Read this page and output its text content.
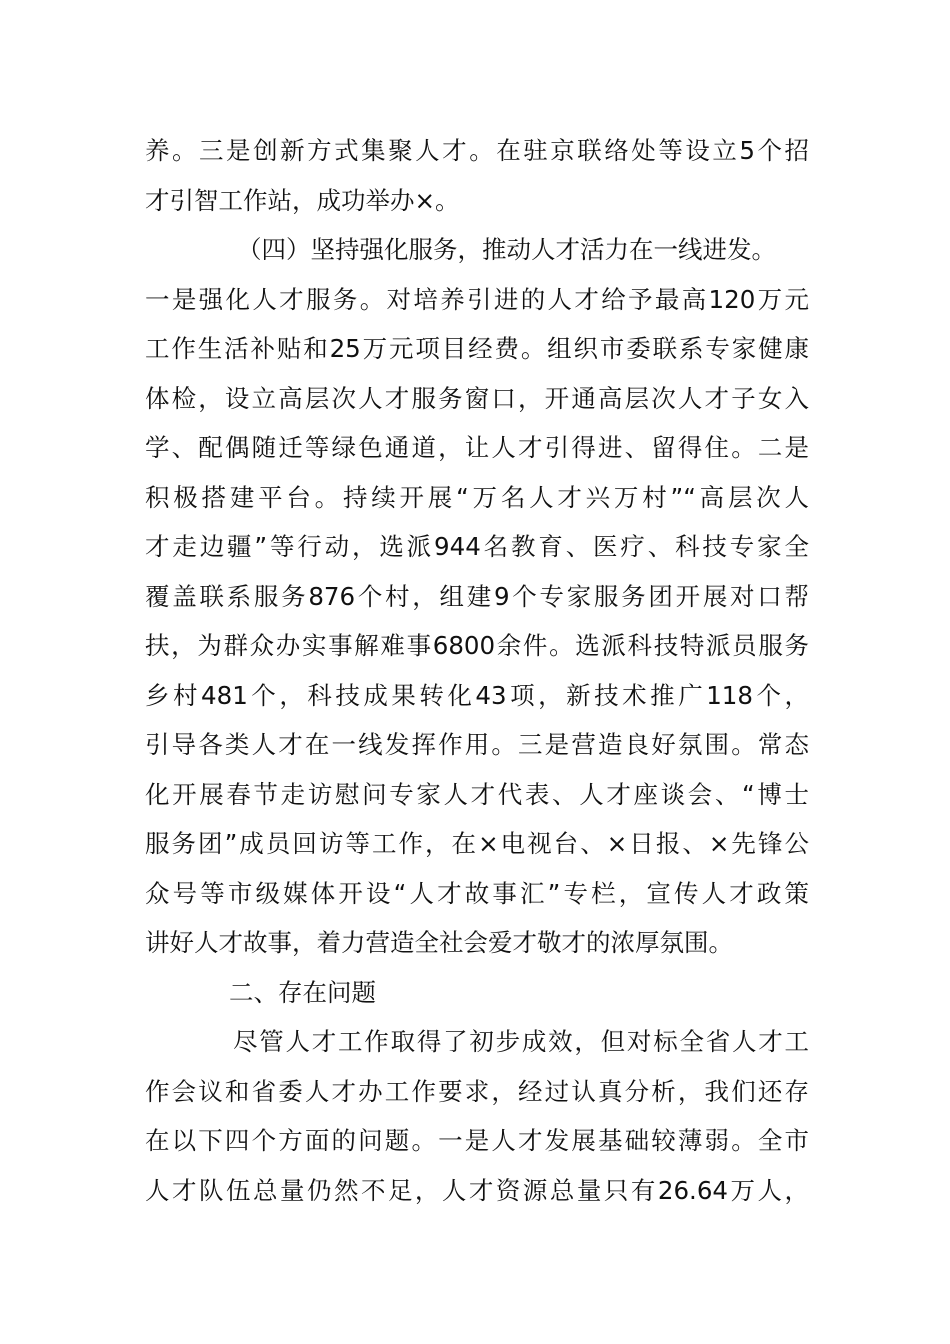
养。三是创新方式集聚人才。在驻京联络处等设立5个招
才引智工作站，成功举办×。
（四）坚持强化服务，推动人才活力在一线进发。
一是强化人才服务。对培养引进的人才给予最高120万元
工作生活补贴和25万元项目经费。组织市委联系专家健康
体检，设立高层次人才服务窗口，开通高层次人才子女入
学、配偶随迁等绿色通道，让人才引得进、留得住。二是
积极搭建平台。持续开展“万名人才兴万村”“高层次人
才走边疆”等行动，选派944名教育、医疗、科技专家全
覆盖联系服务876个村，组建9个专家服务团开展对口帮
扶，为群众办实事解难事6800余件。选派科技特派员服务
乡村481个，科技成果转化43项，新技术推广118个，
引导各类人才在一线发挥作用。三是营造良好氛围。常态
化开展春节走访慰问专家人才代表、人才座谈会、“博士
服务团”成员回访等工作，在×电视台、×日报、×先锋公
众号等市级媒体开设“人才故事汇”专栏，宣传人才政策
讲好人才故事，着力营造全社会爱才敬才的浓厚氛围。
二、存在问题
尽管人才工作取得了初步成效，但对标全省人才工
作会议和省委人才办工作要求，经过认真分析，我们还存
在以下四个方面的问题。一是人才发展基础较薄弱。全市
人才队伍总量仍然不足，人才资源总量只有26.64万人，
